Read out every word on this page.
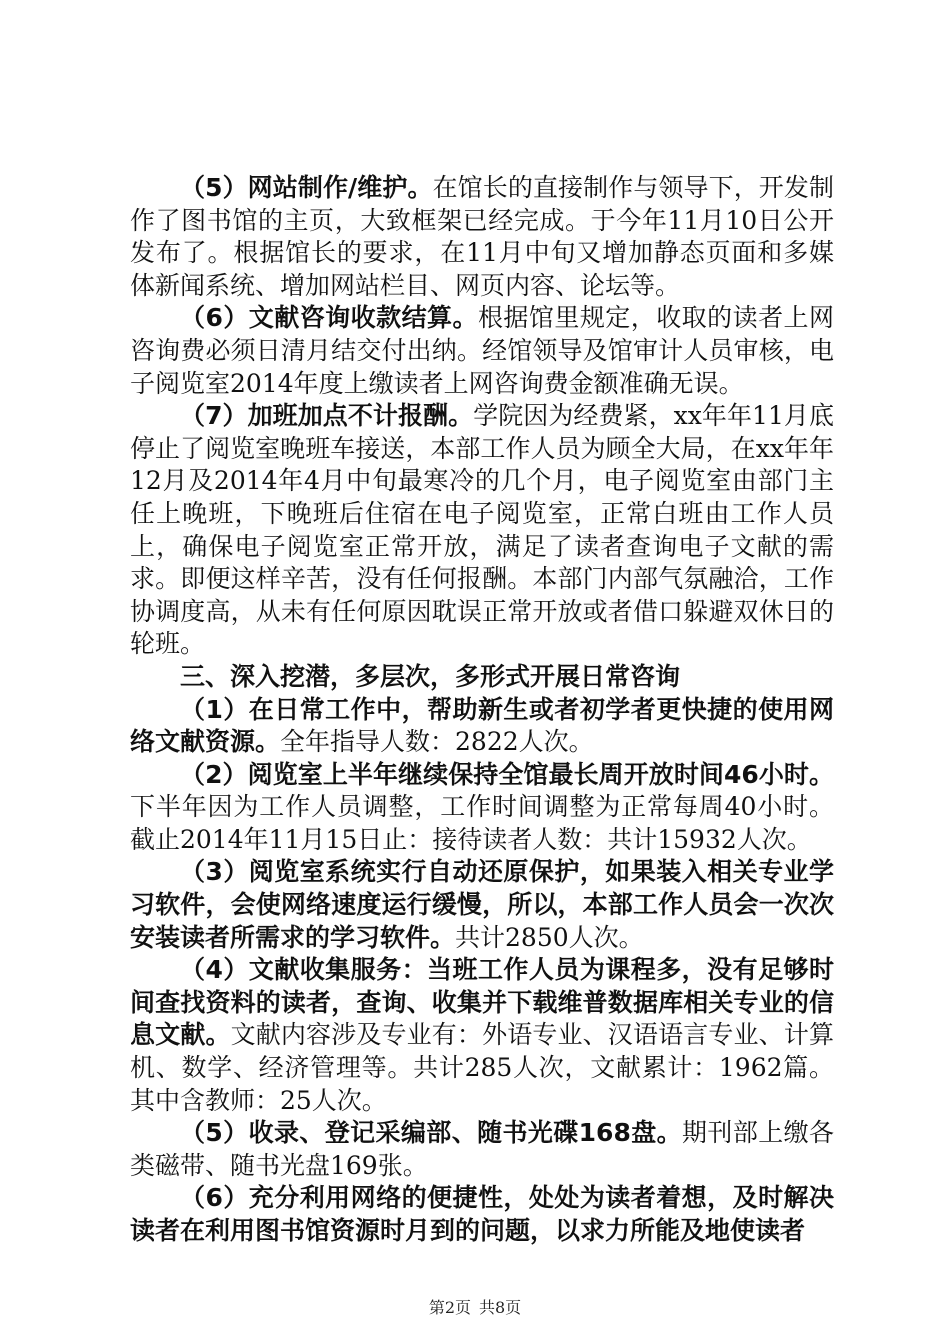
（5）网站制作/维护。在馆长的直接制作与领导下，开发制作了图书馆的主页，大致框架已经完成。于今年11月10日公开发布了。根据馆长的要求，在11月中旬又增加静态页面和多媒体新闻系统、增加网站栏目、网页内容、论坛等。

（6）文献咨询收款结算。根据馆里规定，收取的读者上网咨询费必须日清月结交付出纳。经馆领导及馆审计人员审核，电子阅览室2014年度上缴读者上网咨询费金额准确无误。

（7）加班加点不计报酬。学院因为经费紧，xx年年11月底停止了阅览室晚班车接送，本部工作人员为顾全大局，在xx年年12月及2014年4月中旬最寒冷的几个月，电子阅览室由部门主任上晚班，下晚班后住宿在电子阅览室，正常白班由工作人员上，确保电子阅览室正常开放，满足了读者查询电子文献的需求。即便这样辛苦，没有任何报酬。本部门内部气氛融洽，工作协调度高，从未有任何原因耽误正常开放或者借口躲避双休日的轮班。

三、深入挖潜，多层次，多形式开展日常咨询

（1）在日常工作中，帮助新生或者初学者更快捷的使用网络文献资源。全年指导人数：2822人次。

（2）阅览室上半年继续保持全馆最长周开放时间46小时。下半年因为工作人员调整，工作时间调整为正常每周40小时。截止2014年11月15日止：接待读者人数：共计15932人次。

（3）阅览室系统实行自动还原保护，如果装入相关专业学习软件，会使网络速度运行缓慢，所以，本部工作人员会一次次安装读者所需求的学习软件。共计2850人次。

（4）文献收集服务：当班工作人员为课程多，没有足够时间查找资料的读者，查询、收集并下载维普数据库相关专业的信息文献。文献内容涉及专业有：外语专业、汉语语言专业、计算机、数学、经济管理等。共计285人次，文献累计：1962篇。其中含教师：25人次。

（5）收录、登记采编部、随书光碟168盘。期刊部上缴各类磁带、随书光盘169张。

（6）充分利用网络的便捷性，处处为读者着想，及时解决读者在利用图书馆资源时月到的问题，以求力所能及地使读者

第2页 共8页
